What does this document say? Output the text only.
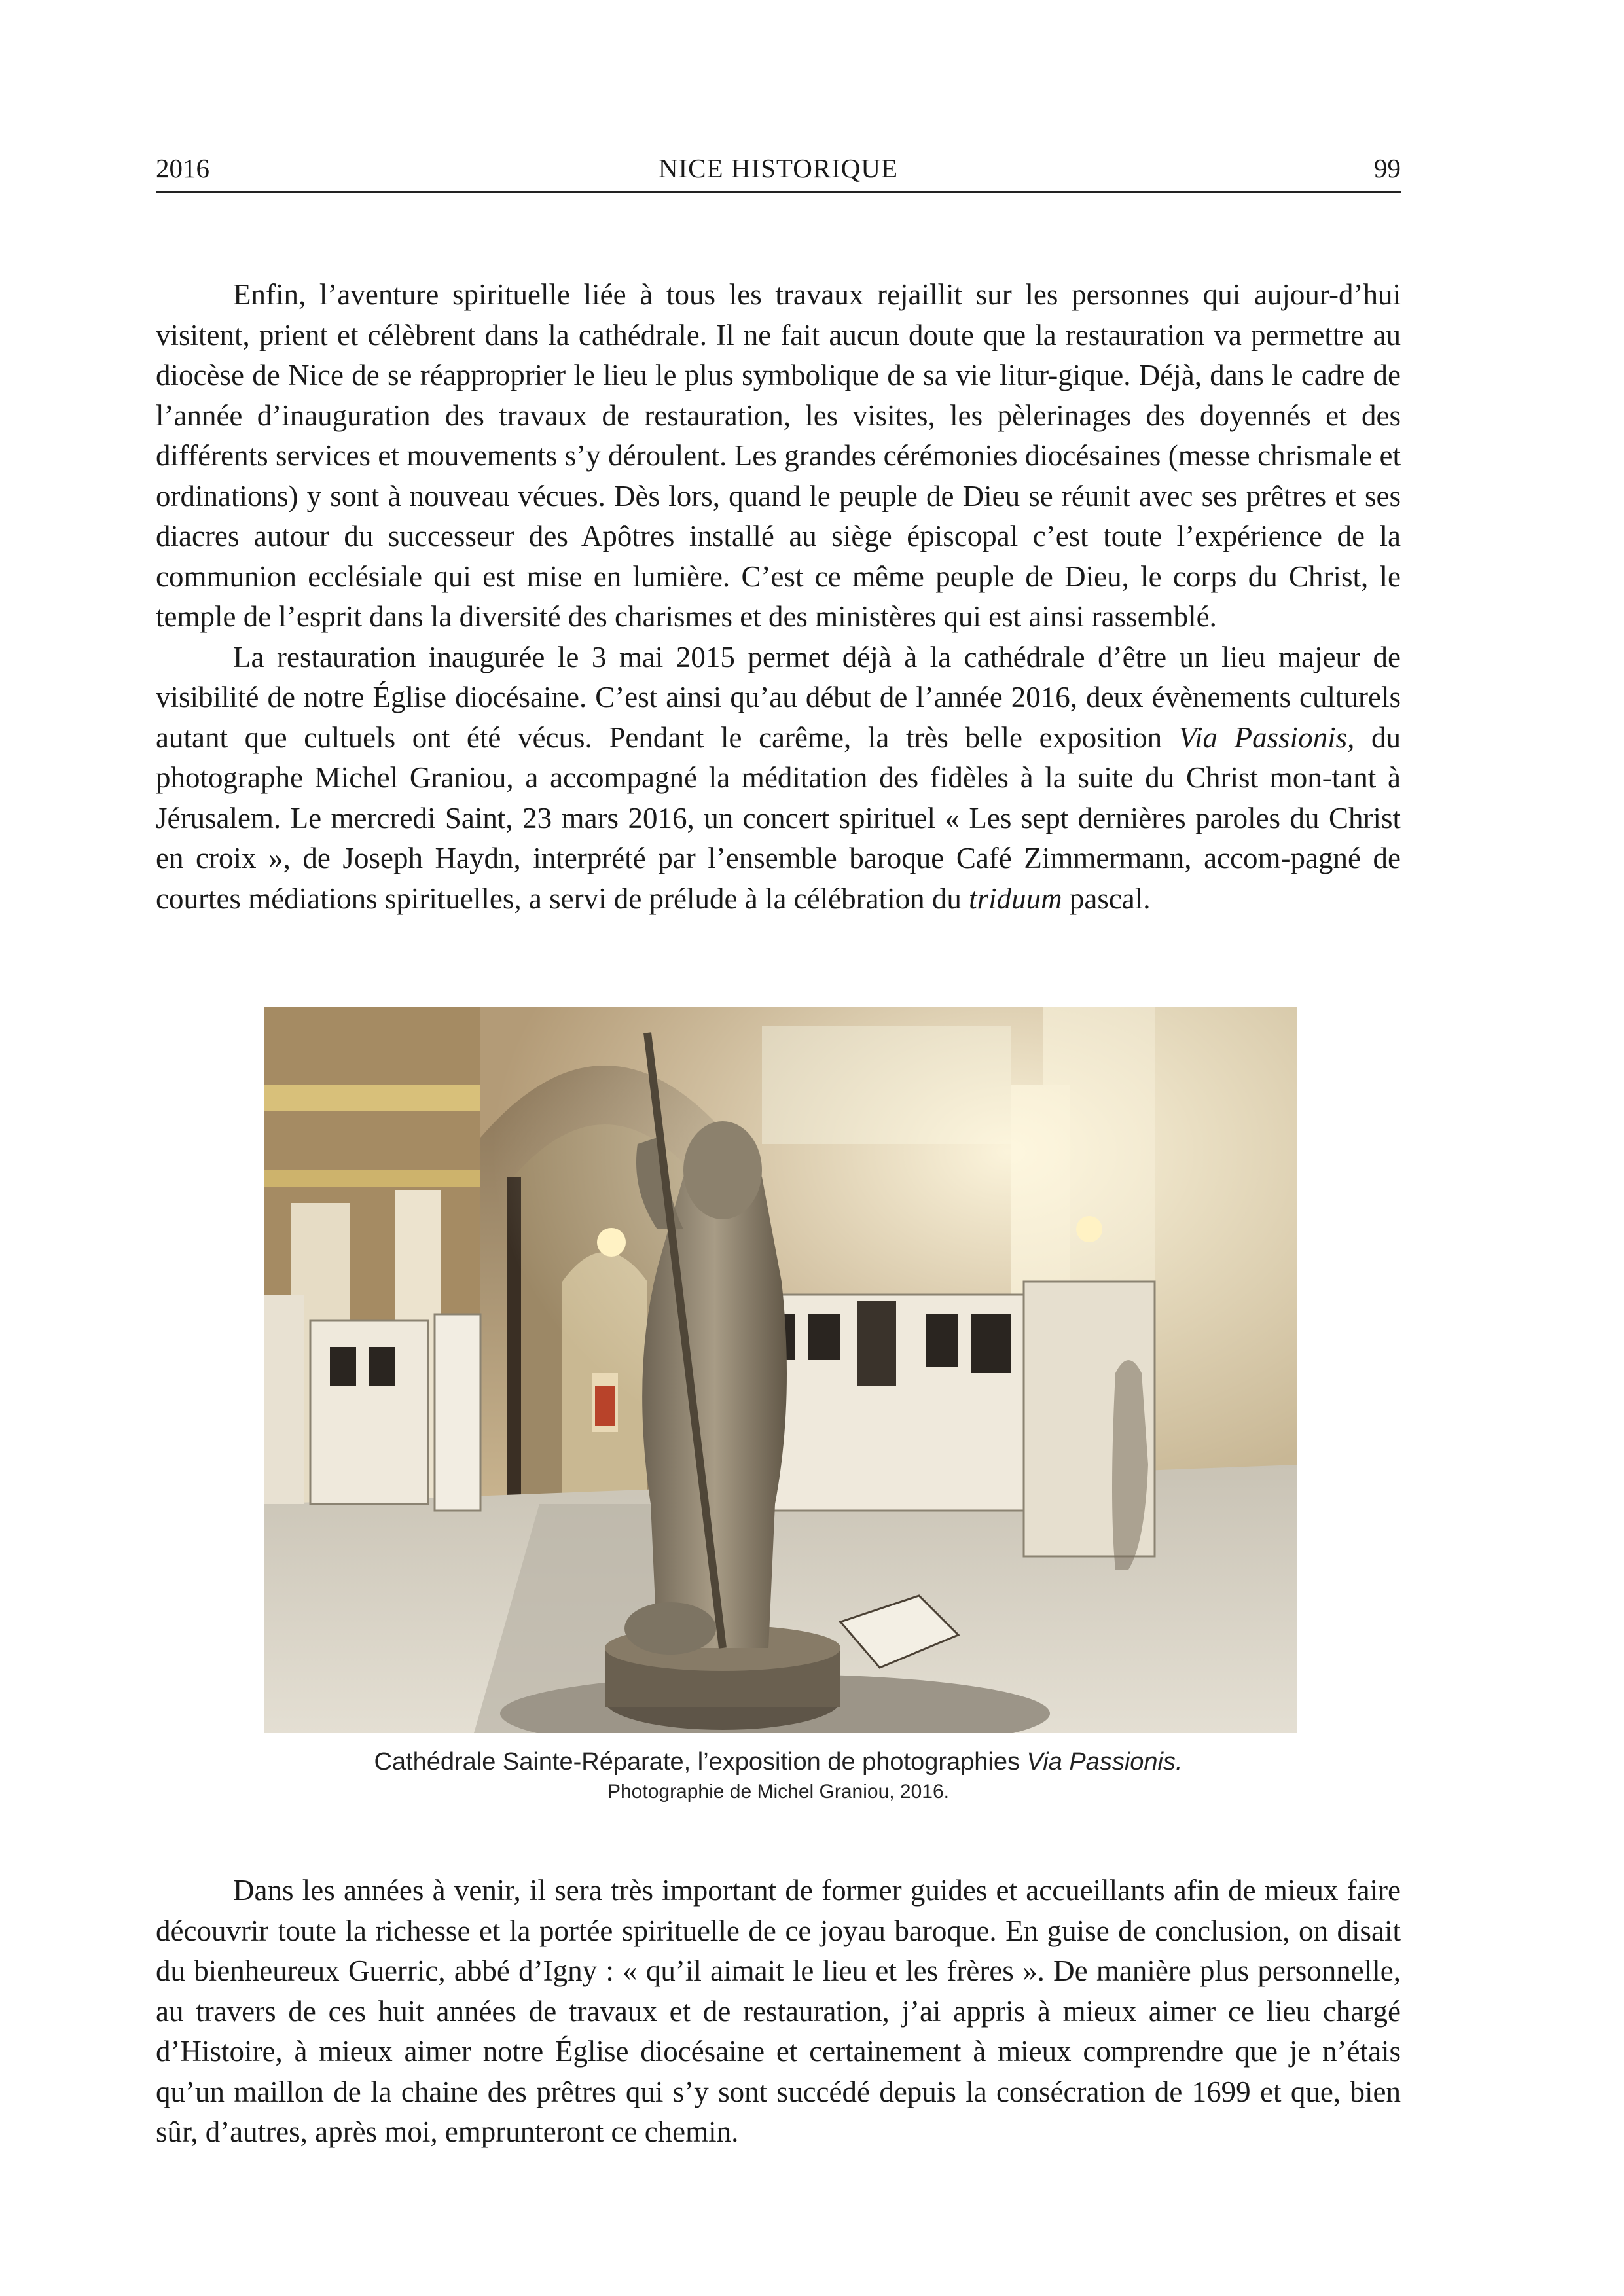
2016	NICE HISTORIQUE	99

Enfin, l’aventure spirituelle liée à tous les travaux rejaillit sur les personnes qui aujour-d’hui visitent, prient et célèbrent dans la cathédrale. Il ne fait aucun doute que la restauration va permettre au diocèse de Nice de se réapproprier le lieu le plus symbolique de sa vie litur-gique. Déjà, dans le cadre de l’année d’inauguration des travaux de restauration, les visites, les pèlerinages des doyennés et des différents services et mouvements s’y déroulent. Les grandes cérémonies diocésaines (messe chrismale et ordinations) y sont à nouveau vécues. Dès lors, quand le peuple de Dieu se réunit avec ses prêtres et ses diacres autour du successeur des Apôtres installé au siège épiscopal c’est toute l’expérience de la communion ecclésiale qui est mise en lumière. C’est ce même peuple de Dieu, le corps du Christ, le temple de l’esprit dans la diversité des charismes et des ministères qui est ainsi rassemblé.

La restauration inaugurée le 3 mai 2015 permet déjà à la cathédrale d’être un lieu majeur de visibilité de notre Église diocésaine. C’est ainsi qu’au début de l’année 2016, deux évènements culturels autant que cultuels ont été vécus. Pendant le carême, la très belle exposition Via Passionis, du photographe Michel Graniou, a accompagné la méditation des fidèles à la suite du Christ mon-tant à Jérusalem. Le mercredi Saint, 23 mars 2016, un concert spirituel « Les sept dernières paroles du Christ en croix », de Joseph Haydn, interprété par l’ensemble baroque Café Zimmermann, accom-pagné de courtes médiations spirituelles, a servi de prélude à la célébration du triduum pascal.

Cathédrale Sainte-Réparate, l’exposition de photographies Via Passionis.
Photographie de Michel Graniou, 2016.

Dans les années à venir, il sera très important de former guides et accueillants afin de mieux faire découvrir toute la richesse et la portée spirituelle de ce joyau baroque. En guise de conclusion, on disait du bienheureux Guerric, abbé d’Igny : « qu’il aimait le lieu et les frères ». De manière plus personnelle, au travers de ces huit années de travaux et de restauration, j’ai appris à mieux aimer ce lieu chargé d’Histoire, à mieux aimer notre Église diocésaine et certainement à mieux comprendre que je n’étais qu’un maillon de la chaine des prêtres qui s’y sont succédé depuis la consécration de 1699 et que, bien sûr, d’autres, après moi, emprunteront ce chemin.
